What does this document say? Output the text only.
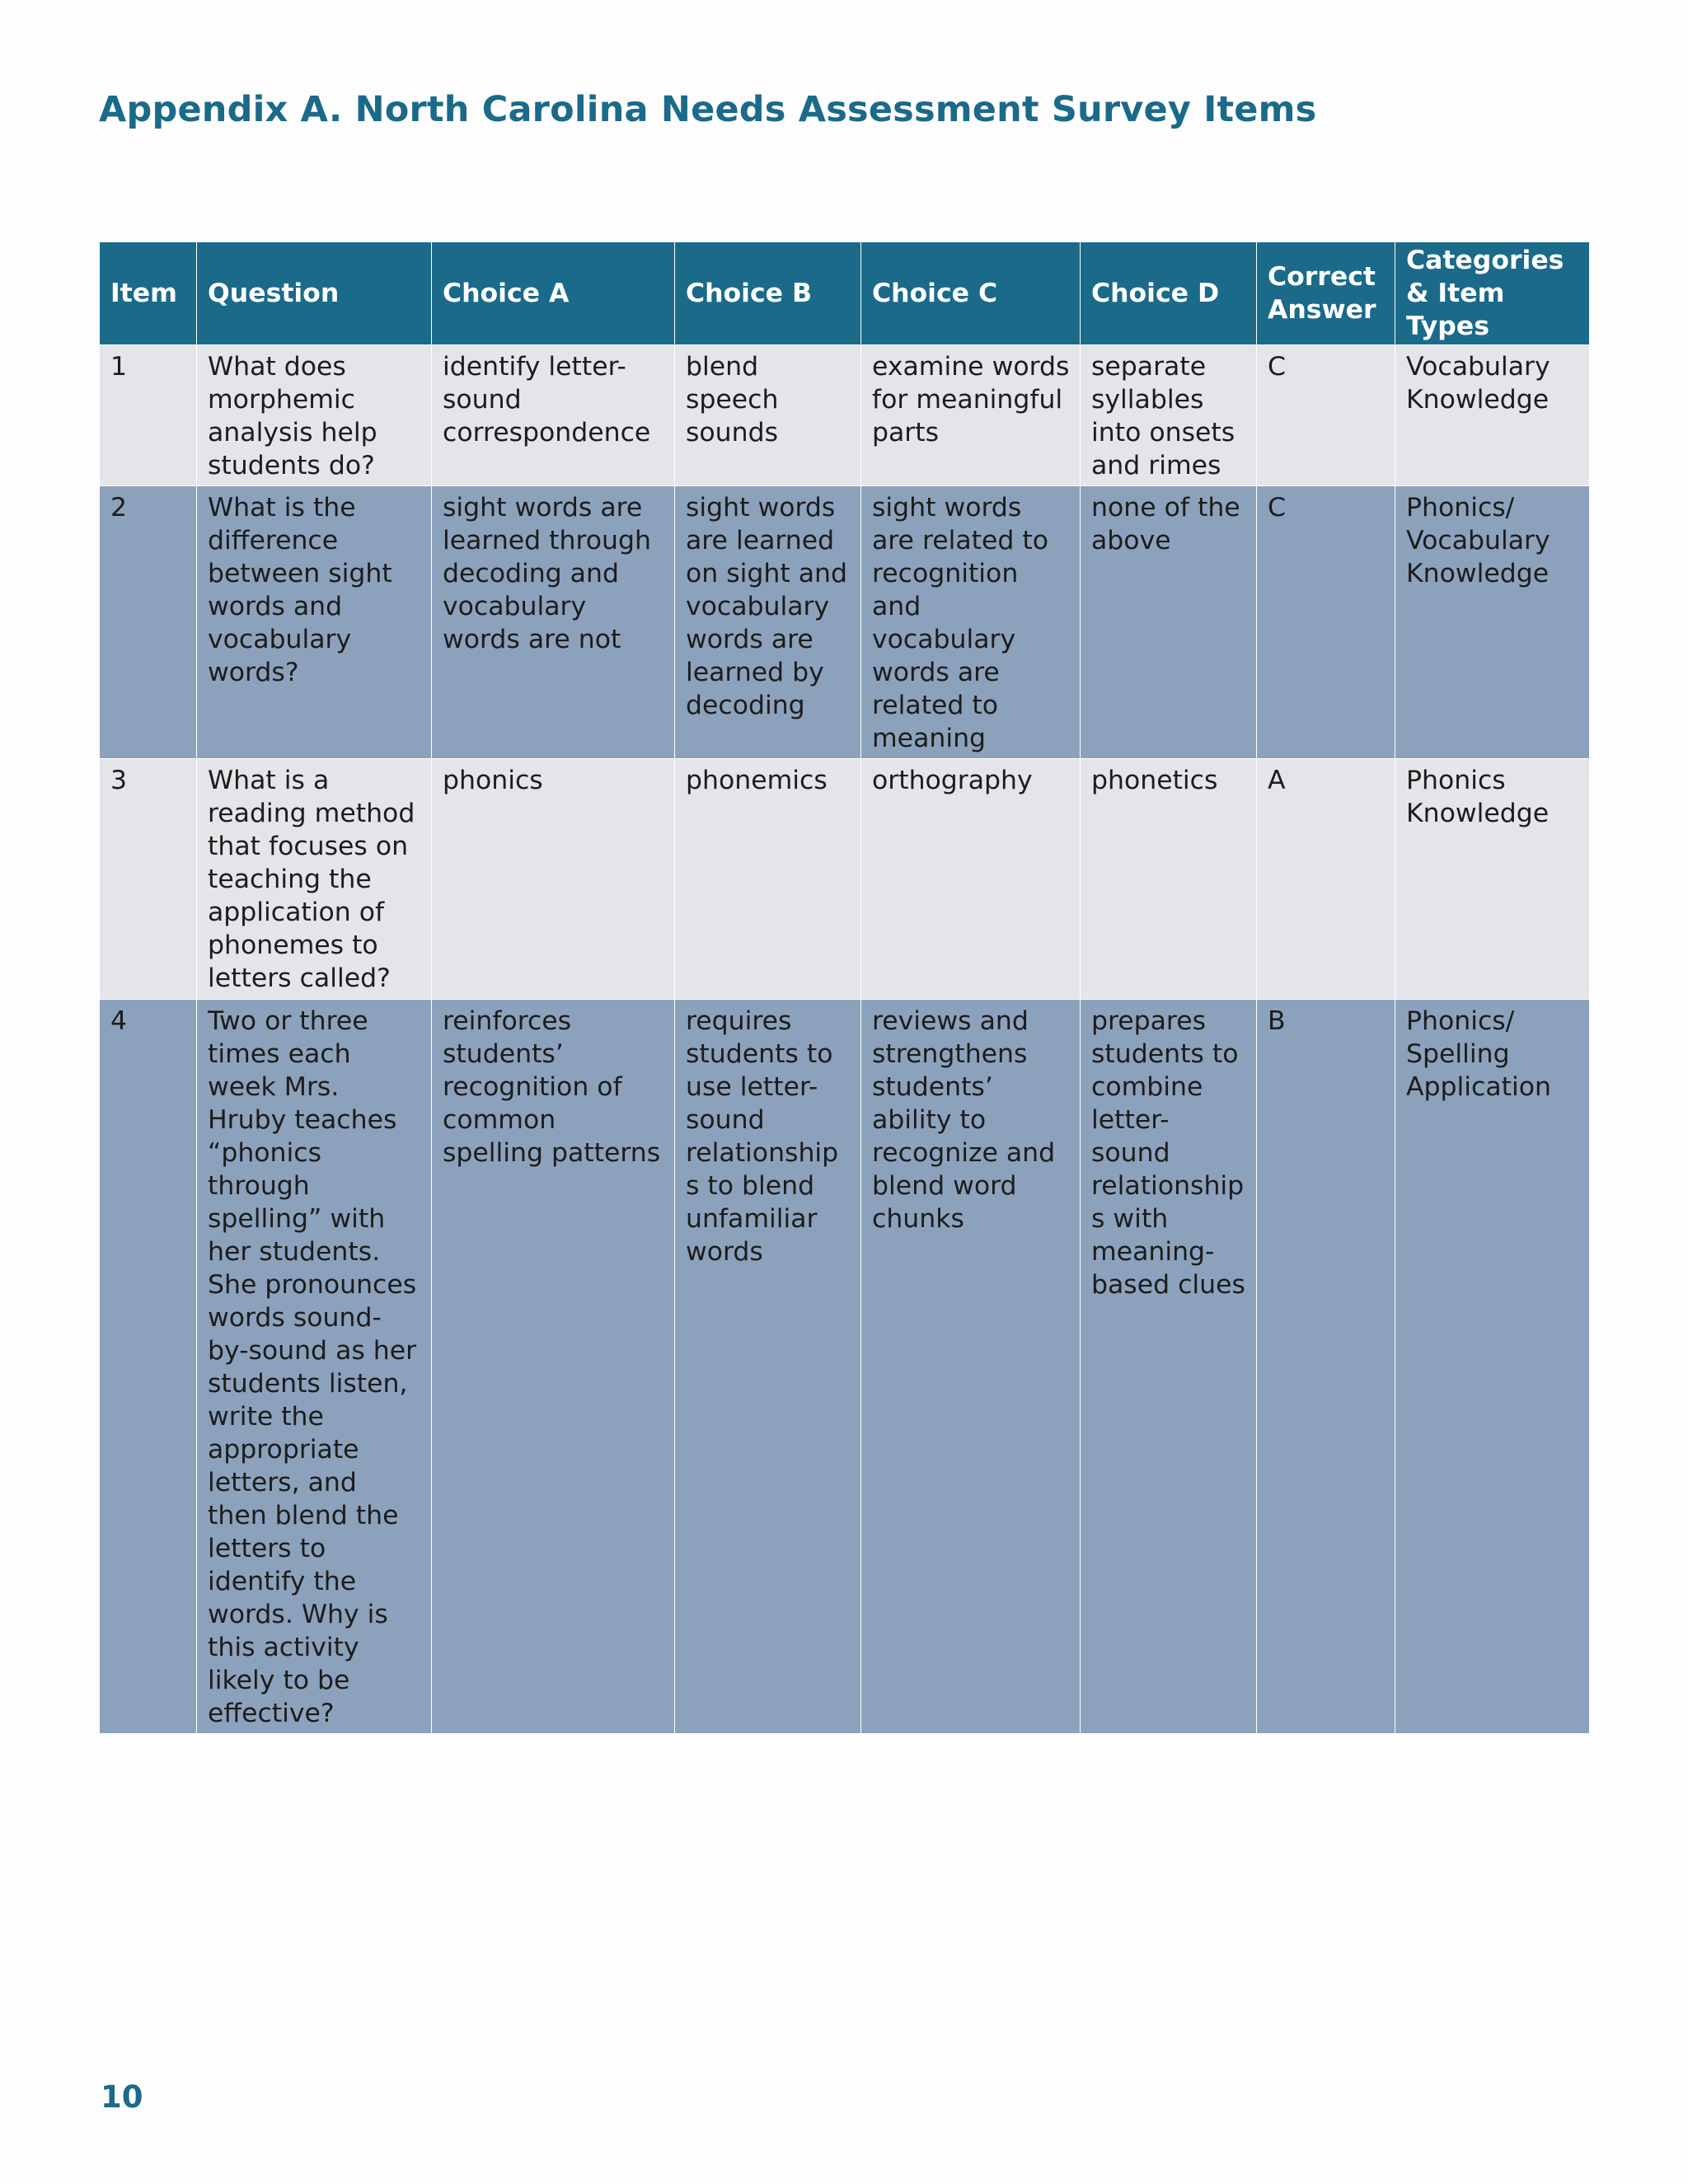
Appendix A. North Carolina Needs Assessment Survey Items
Item	Question	Choice A	Choice B	Choice C	Choice D	Correct Answer	Categories & Item Types
1	What does morphemic analysis help students do?	identify letter-sound correspondence	blend speech sounds	examine words for meaningful parts	separate syllables into onsets and rimes	C	Vocabulary Knowledge
2	What is the difference between sight words and vocabulary words?	sight words are learned through decoding and vocabulary words are not	sight words are learned on sight and vocabulary words are learned by decoding	sight words are related to recognition and vocabulary words are related to meaning	none of the above	C	Phonics/ Vocabulary Knowledge
3	What is a reading method that focuses on teaching the application of phonemes to letters called?	phonics	phonemics	orthography	phonetics	A	Phonics Knowledge
4	Two or three times each week Mrs. Hruby teaches “phonics through spelling” with her students. She pronounces words sound-by-sound as her students listen, write the appropriate letters, and then blend the letters to identify the words. Why is this activity likely to be effective?	reinforces students’ recognition of common spelling patterns	requires students to use letter-sound relationships to blend unfamiliar words	reviews and strengthens students’ ability to recognize and blend word chunks	prepares students to combine letter-sound relationships with meaning-based clues	B	Phonics/ Spelling Application
10
